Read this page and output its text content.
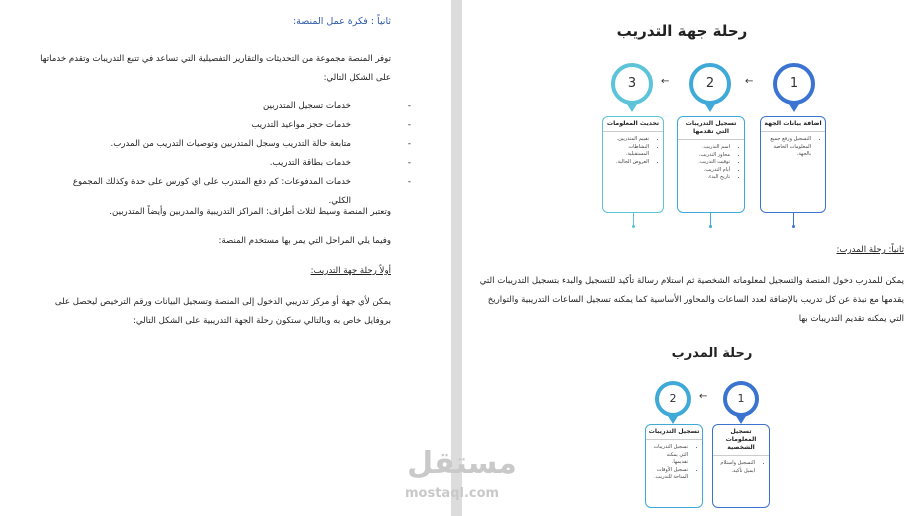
ثانياً : فكرة عمل المنصة:
توفر المنصة مجموعة من التحديثات والتقارير التفصيلية التي تساعد في تتبع التدريبات وتقدم خدماتها على الشكل التالي:
-
خدمات تسجيل المتدربين
-
خدمات حجز مواعيد التدريب
-
متابعة حالة التدريب وسجل المتدربين وتوصيات التدريب من المدرب.
-
خدمات بطاقة التدريب.
-
خدمات المدفوعات: كم دفع المتدرب على اي كورس على حدة وكذلك المجموع الكلي.
وتعتبر المنصة وسيط لثلاث أطراف: المراكز التدريبية والمدربين وأيضاً المتدربين.
وفيما يلي المراحل التي يمر بها مستخدم المنصة:
أولاً رحلة جهة التدريب:
يمكن لأي جهة أو مركز تدريبي الدخول إلى المنصة وتسجيل البيانات ورقم الترخيص ليحصل على بروفايل خاص به وبالتالي ستكون رحلة الجهة التدريبية على الشكل التالي:
رحلة جهة التدريب
1
اضافة بيانات الجهة
• التسجيل ورفع جميع المعلومات الخاصة بالجهة.
←
2
تسجيل التدريبات التي تقدمها
• اسم التدريب.
• محاور التدريب.
• توقيت التدريب.
• أيام التدريب.
• تاريخ البدء.
←
3
تحديث المعلومات
• تقييم المتدربين.
• النشاطات المستقبلية.
• العروض الحالية.
ثانياً: رحلة المدرب:
يمكن للمدرب دخول المنصة والتسجيل لمعلوماته الشخصية ثم استلام رسالة تأكيد للتسجيل والبدء بتسجيل التدريبات التي يقدمها مع نبذة عن كل تدريب بالإضافة لعدد الساعات والمحاور الأساسية كما يمكنه تسجيل الساعات التدريبية والتواريخ التي يمكنه تقديم التدريبات بها
رحلة المدرب
1
تسجيل المعلومات الشخصية
• التسجيل واستلام ايميل تأكيد.
←
2
تسجيل التدريبات
• تسجيل التدريبات التي يمكنه تقديمها.
• تسجيل الأوقات المتاحة للتدريب.
مستقل
mostaql.com
